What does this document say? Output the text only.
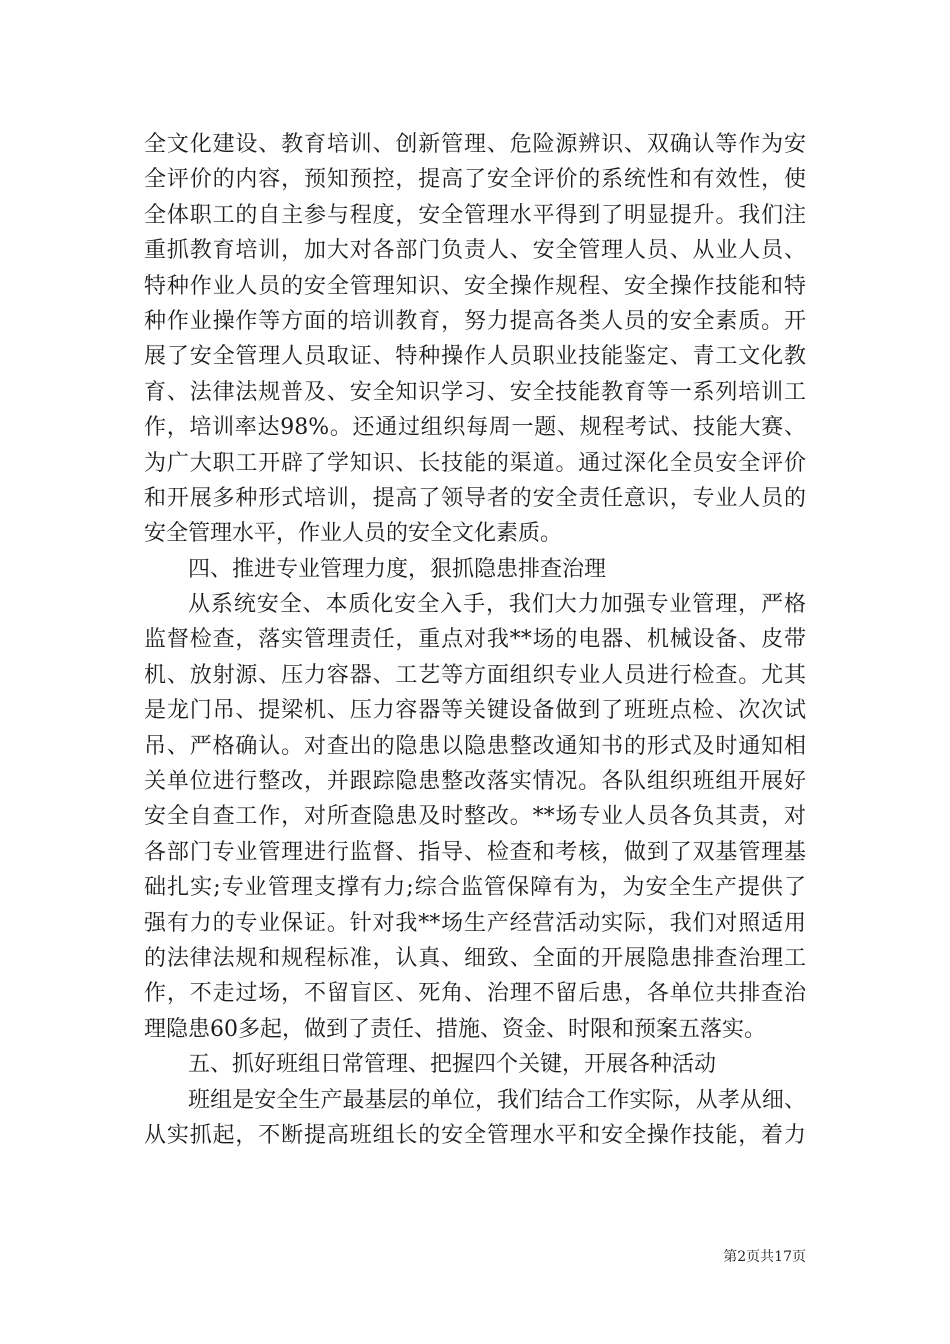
全文化建设、教育培训、创新管理、危险源辨识、双确认等作为安
全评价的内容，预知预控，提高了安全评价的系统性和有效性，使
全体职工的自主参与程度，安全管理水平得到了明显提升。我们注
重抓教育培训，加大对各部门负责人、安全管理人员、从业人员、
特种作业人员的安全管理知识、安全操作规程、安全操作技能和特
种作业操作等方面的培训教育，努力提高各类人员的安全素质。开
展了安全管理人员取证、特种操作人员职业技能鉴定、青工文化教
育、法律法规普及、安全知识学习、安全技能教育等一系列培训工
作，培训率达98%。还通过组织每周一题、规程考试、技能大赛、
为广大职工开辟了学知识、长技能的渠道。通过深化全员安全评价
和开展多种形式培训，提高了领导者的安全责任意识，专业人员的
安全管理水平，作业人员的安全文化素质。
四、推进专业管理力度，狠抓隐患排查治理
从系统安全、本质化安全入手，我们大力加强专业管理，严格
监督检查，落实管理责任，重点对我**场的电器、机械设备、皮带
机、放射源、压力容器、工艺等方面组织专业人员进行检查。尤其
是龙门吊、提梁机、压力容器等关键设备做到了班班点检、次次试
吊、严格确认。对查出的隐患以隐患整改通知书的形式及时通知相
关单位进行整改，并跟踪隐患整改落实情况。各队组织班组开展好
安全自查工作，对所查隐患及时整改。**场专业人员各负其责，对
各部门专业管理进行监督、指导、检查和考核，做到了双基管理基
础扎实;专业管理支撑有力;综合监管保障有为，为安全生产提供了
强有力的专业保证。针对我**场生产经营活动实际，我们对照适用
的法律法规和规程标准，认真、细致、全面的开展隐患排查治理工
作，不走过场，不留盲区、死角、治理不留后患，各单位共排查治
理隐患60多起，做到了责任、措施、资金、时限和预案五落实。
五、抓好班组日常管理、把握四个关键，开展各种活动
班组是安全生产最基层的单位，我们结合工作实际，从孝从细、
从实抓起，不断提高班组长的安全管理水平和安全操作技能，着力
第2页共17页
